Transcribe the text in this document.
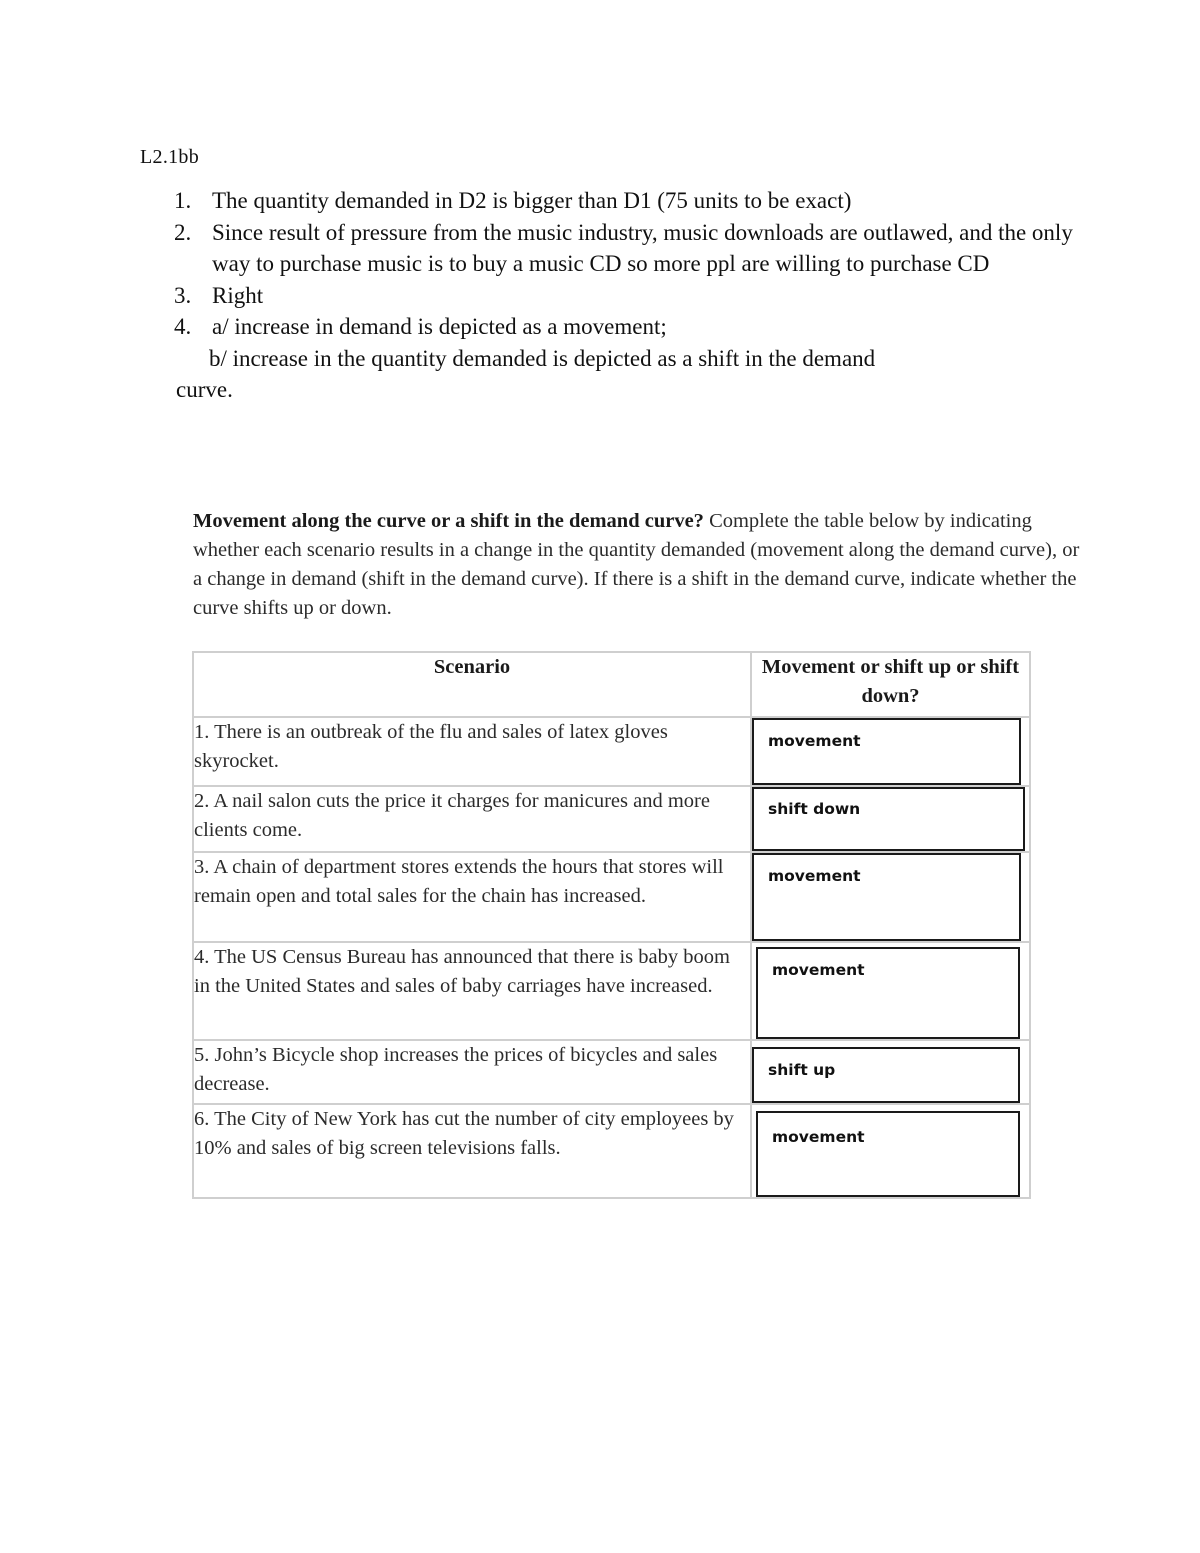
L2.1bb
1. The quantity demanded in D2 is bigger than D1 (75 units to be exact)
2. Since result of pressure from the music industry, music downloads are outlawed, and the only way to purchase music is to buy a music CD so more ppl are willing to purchase CD
3. Right
4. a/ increase in demand is depicted as a movement;
b/ increase in the quantity demanded is depicted as a shift in the demand
curve.
Movement along the curve or a shift in the demand curve? Complete the table below by indicating whether each scenario results in a change in the quantity demanded (movement along the demand curve), or a change in demand (shift in the demand curve). If there is a shift in the demand curve, indicate whether the curve shifts up or down.
Scenario	Movement or shift up or shift down?
1. There is an outbreak of the flu and sales of latex gloves skyrocket.	movement

2. A nail salon cuts the price it charges for manicures and more clients come.	shift down

3. A chain of department stores extends the hours that stores will remain open and total sales for the chain has increased.	movement

4. The US Census Bureau has announced that there is baby boom in the United States and sales of baby carriages have increased.	movement

5. John’s Bicycle shop increases the prices of bicycles and sales decrease.	shift up

6. The City of New York has cut the number of city employees by 10% and sales of big screen televisions falls.	movement
